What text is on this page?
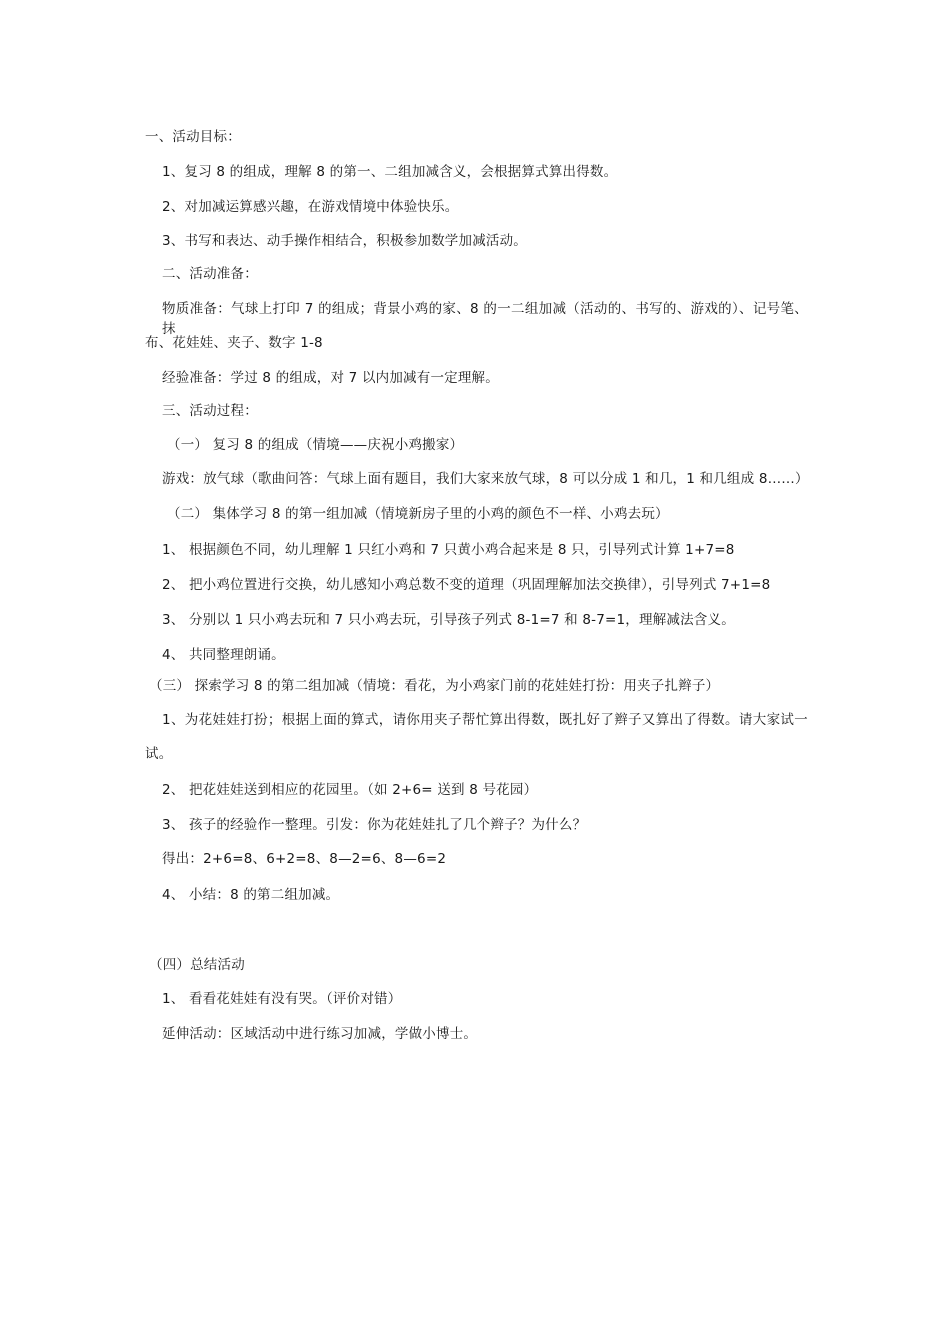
一、活动目标：
1、复习 8 的组成，理解 8 的第一、二组加减含义，会根据算式算出得数。
2、对加减运算感兴趣，在游戏情境中体验快乐。
3、书写和表达、动手操作相结合，积极参加数学加减活动。
二、活动准备：
物质准备：气球上打印 7 的组成；背景小鸡的家、8 的一二组加减（活动的、书写的、游戏的）、记号笔、抹
布、花娃娃、夹子、数字 1-8
经验准备：学过 8 的组成，对 7 以内加减有一定理解。
三、活动过程：
（一） 复习 8 的组成（情境——庆祝小鸡搬家）
游戏：放气球（歌曲问答：气球上面有题目，我们大家来放气球，8 可以分成 1 和几，1 和几组成 8……）
（二） 集体学习 8 的第一组加减（情境新房子里的小鸡的颜色不一样、小鸡去玩）
1、 根据颜色不同，幼儿理解 1 只红小鸡和 7 只黄小鸡合起来是 8 只，引导列式计算 1+7=8
2、 把小鸡位置进行交换，幼儿感知小鸡总数不变的道理（巩固理解加法交换律），引导列式 7+1=8
3、 分别以 1 只小鸡去玩和 7 只小鸡去玩，引导孩子列式 8-1=7 和 8-7=1，理解减法含义。
4、 共同整理朗诵。
（三） 探索学习 8 的第二组加减（情境：看花，为小鸡家门前的花娃娃打扮：用夹子扎辫子）
1、为花娃娃打扮；根据上面的算式，请你用夹子帮忙算出得数，既扎好了辫子又算出了得数。请大家试一
试。
2、 把花娃娃送到相应的花园里。（如 2+6= 送到 8 号花园）
3、 孩子的经验作一整理。引发：你为花娃娃扎了几个辫子？为什么？
得出：2+6=8、6+2=8、8—2=6、8—6=2
4、 小结：8 的第二组加减。
（四）总结活动
1、 看看花娃娃有没有哭。（评价对错）
延伸活动：区域活动中进行练习加减，学做小博士。
